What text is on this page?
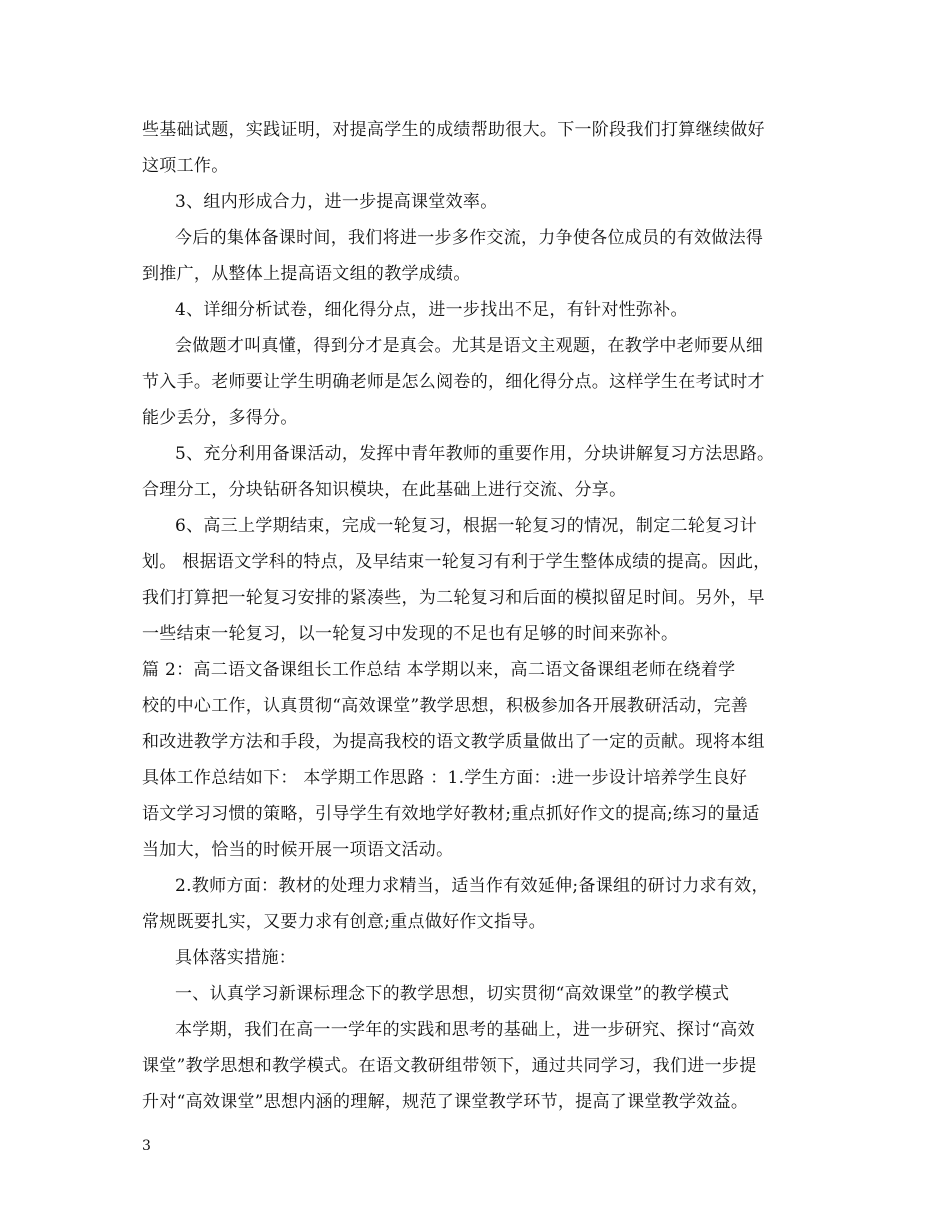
些基础试题，实践证明，对提高学生的成绩帮助很大。下一阶段我们打算继续做好
这项工作。
3、组内形成合力，进一步提高课堂效率。
今后的集体备课时间，我们将进一步多作交流，力争使各位成员的有效做法得
到推广，从整体上提高语文组的教学成绩。
4、详细分析试卷，细化得分点，进一步找出不足，有针对性弥补。
会做题才叫真懂，得到分才是真会。尤其是语文主观题，在教学中老师要从细
节入手。老师要让学生明确老师是怎么阅卷的，细化得分点。这样学生在考试时才
能少丢分，多得分。
5、充分利用备课活动，发挥中青年教师的重要作用，分块讲解复习方法思路。
合理分工，分块钻研各知识模块，在此基础上进行交流、分享。
6、高三上学期结束，完成一轮复习，根据一轮复习的情况，制定二轮复习计
划。 根据语文学科的特点，及早结束一轮复习有利于学生整体成绩的提高。因此，
我们打算把一轮复习安排的紧凑些，为二轮复习和后面的模拟留足时间。另外，早
一些结束一轮复习，以一轮复习中发现的不足也有足够的时间来弥补。
篇 2：高二语文备课组长工作总结 本学期以来，高二语文备课组老师在绕着学
校的中心工作，认真贯彻“高效课堂”教学思想，积极参加各开展教研活动，完善
和改进教学方法和手段，为提高我校的语文教学质量做出了一定的贡献。现将本组
具体工作总结如下： 本学期工作思路 ：1.学生方面：:进一步设计培养学生良好
语文学习习惯的策略，引导学生有效地学好教材;重点抓好作文的提高;练习的量适
当加大，恰当的时候开展一项语文活动。
2.教师方面：教材的处理力求精当，适当作有效延伸;备课组的研讨力求有效，
常规既要扎实，又要力求有创意;重点做好作文指导。
具体落实措施：
一、认真学习新课标理念下的教学思想，切实贯彻“高效课堂”的教学模式
本学期，我们在高一一学年的实践和思考的基础上，进一步研究、探讨“高效
课堂”教学思想和教学模式。在语文教研组带领下，通过共同学习，我们进一步提
升对“高效课堂”思想内涵的理解，规范了课堂教学环节，提高了课堂教学效益。
3
